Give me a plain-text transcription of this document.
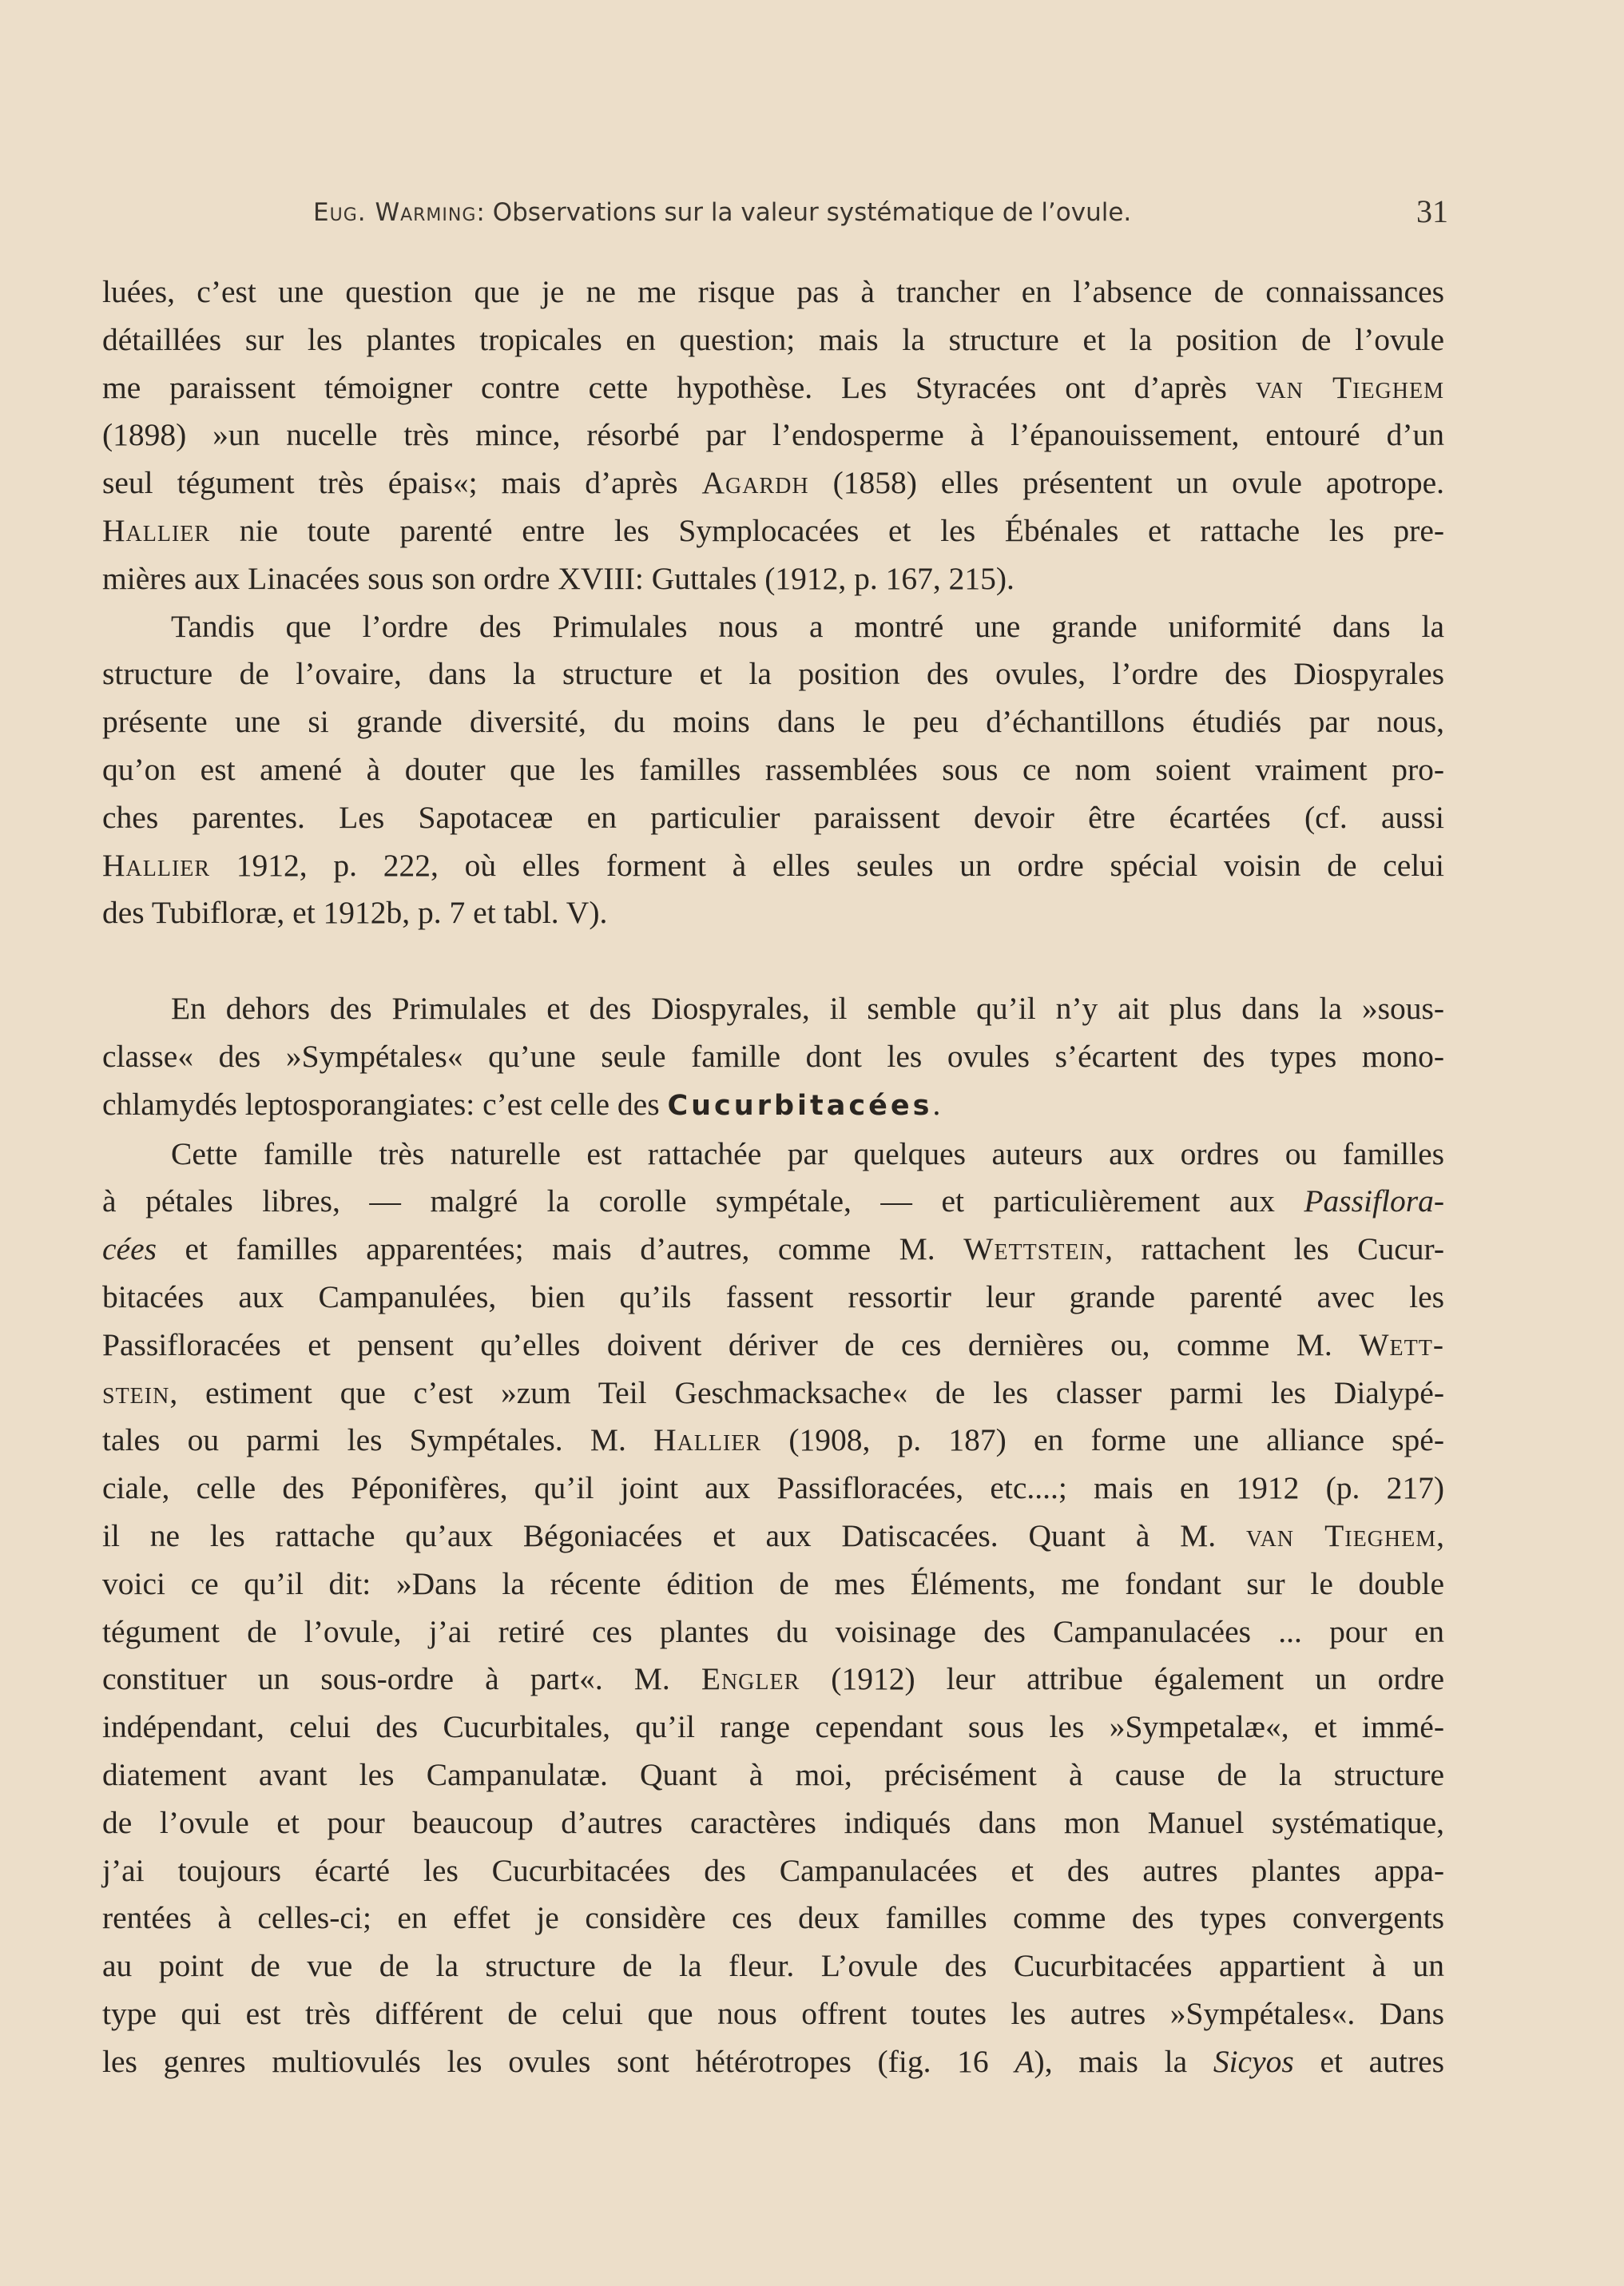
Eug. Warming: Observations sur la valeur systématique de l’ovule.	31

luées, c’est une question que je ne me risque pas à trancher en l’absence de connaissances

détaillées sur les plantes tropicales en question; mais la structure et la position de l’ovule

me paraissent témoigner contre cette hypothèse. Les Styracées ont d’après van Tieghem

(1898) »un nucelle très mince, résorbé par l’endosperme à l’épanouissement, entouré d’un

seul tégument très épais«; mais d’après Agardh (1858) elles présentent un ovule apotrope.

Hallier nie toute parenté entre les Symplocacées et les Ébénales et rattache les pre-

mières aux Linacées sous son ordre XVIII: Guttales (1912, p. 167, 215).

Tandis que l’ordre des Primulales nous a montré une grande uniformité dans la

structure de l’ovaire, dans la structure et la position des ovules, l’ordre des Diospyrales

présente une si grande diversité, du moins dans le peu d’échantillons étudiés par nous,

qu’on est amené à douter que les familles rassemblées sous ce nom soient vraiment pro-

ches parentes. Les Sapotaceæ en particulier paraissent devoir être écartées (cf. aussi

Hallier 1912, p. 222, où elles forment à elles seules un ordre spécial voisin de celui

des Tubifloræ, et 1912b, p. 7 et tabl. V).

En dehors des Primulales et des Diospyrales, il semble qu’il n’y ait plus dans la »sous-

classe« des »Sympétales« qu’une seule famille dont les ovules s’écartent des types mono-

chlamydés leptosporangiates: c’est celle des Cucurbitacées.

Cette famille très naturelle est rattachée par quelques auteurs aux ordres ou familles

à pétales libres, — malgré la corolle sympétale, — et particulièrement aux Passiflora-

cées et familles apparentées; mais d’autres, comme M. Wettstein, rattachent les Cucur-

bitacées aux Campanulées, bien qu’ils fassent ressortir leur grande parenté avec les

Passifloracées et pensent qu’elles doivent dériver de ces dernières ou, comme M. Wett-

stein, estiment que c’est »zum Teil Geschmacksache« de les classer parmi les Dialypé-

tales ou parmi les Sympétales. M. Hallier (1908, p. 187) en forme une alliance spé-

ciale, celle des Péponifères, qu’il joint aux Passifloracées, etc....; mais en 1912 (p. 217)

il ne les rattache qu’aux Bégoniacées et aux Datiscacées. Quant à M. van Tieghem,

voici ce qu’il dit: »Dans la récente édition de mes Éléments, me fondant sur le double

tégument de l’ovule, j’ai retiré ces plantes du voisinage des Campanulacées ... pour en

constituer un sous-ordre à part«. M. Engler (1912) leur attribue également un ordre

indépendant, celui des Cucurbitales, qu’il range cependant sous les »Sympetalæ«, et immé-

diatement avant les Campanulatæ. Quant à moi, précisément à cause de la structure

de l’ovule et pour beaucoup d’autres caractères indiqués dans mon Manuel systématique,

j’ai toujours écarté les Cucurbitacées des Campanulacées et des autres plantes appa-

rentées à celles-ci; en effet je considère ces deux familles comme des types convergents

au point de vue de la structure de la fleur. L’ovule des Cucurbitacées appartient à un

type qui est très différent de celui que nous offrent toutes les autres »Sympétales«. Dans

les genres multiovulés les ovules sont hétérotropes (fig. 16 A), mais la Sicyos et autres
